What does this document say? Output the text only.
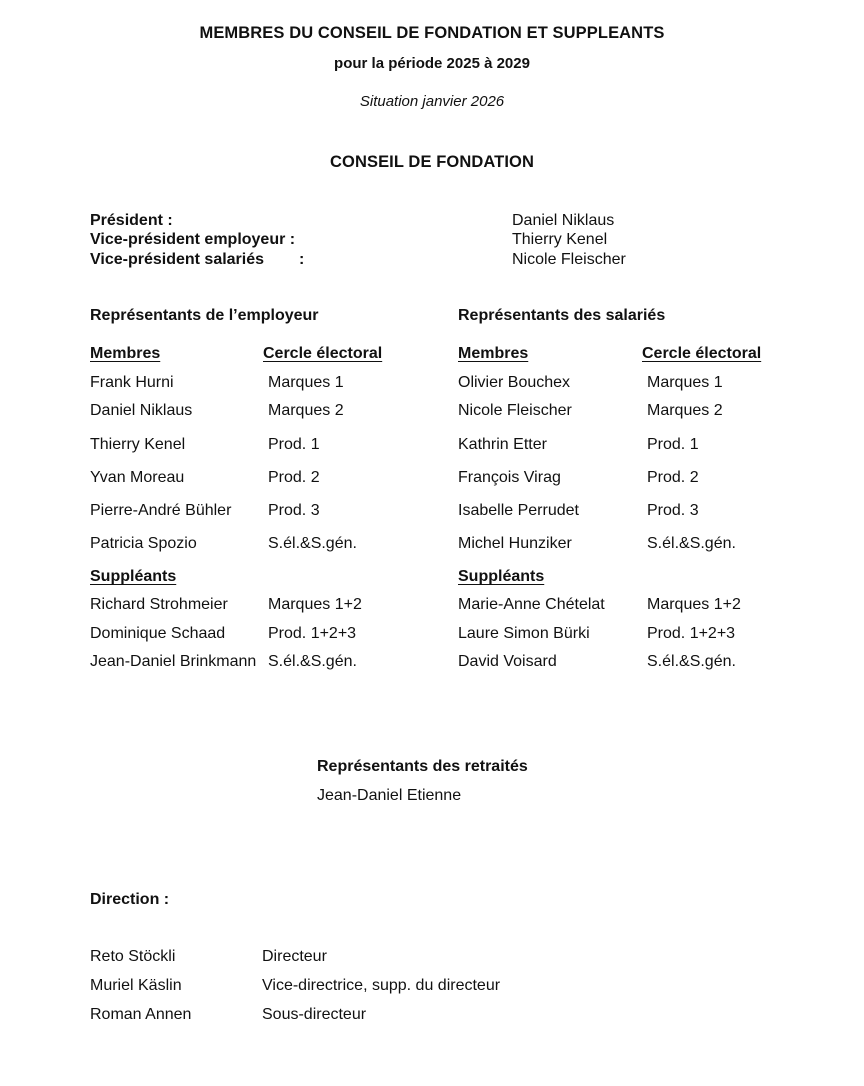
MEMBRES DU CONSEIL DE FONDATION ET SUPPLEANTS
pour la période 2025 à 2029
Situation janvier 2026
CONSEIL DE FONDATION
Président :	Daniel Niklaus
Vice-président employeur :	Thierry Kenel
Vice-président salariés :	Nicole Fleischer
Représentants de l’employeur
Membres	Cercle électoral
Frank Hurni	Marques 1
Daniel Niklaus	Marques 2
Thierry Kenel	Prod. 1
Yvan Moreau	Prod. 2
Pierre-André Bühler Prod. 3
Patricia Spozio	S.él.&S.gén.
Suppléants
Richard Strohmeier	Marques 1+2
Dominique Schaad	Prod. 1+2+3
Jean-Daniel Brinkmann S.él.&S.gén.
Représentants des salariés
Membres	Cercle électoral
Olivier Bouchex	Marques 1
Nicole Fleischer	Marques 2
Kathrin Etter	Prod. 1
François Virag	Prod. 2
Isabelle Perrudet	Prod. 3
Michel Hunziker	S.él.&S.gén.
Suppléants
Marie-Anne Chételat	Marques 1+2
Laure Simon Bürki	Prod. 1+2+3
David Voisard	S.él.&S.gén.
Représentants des retraités
Jean-Daniel Etienne
Direction :
Reto Stöckli	Directeur
Muriel Käslin	Vice-directrice, supp. du directeur
Roman Annen	Sous-directeur
